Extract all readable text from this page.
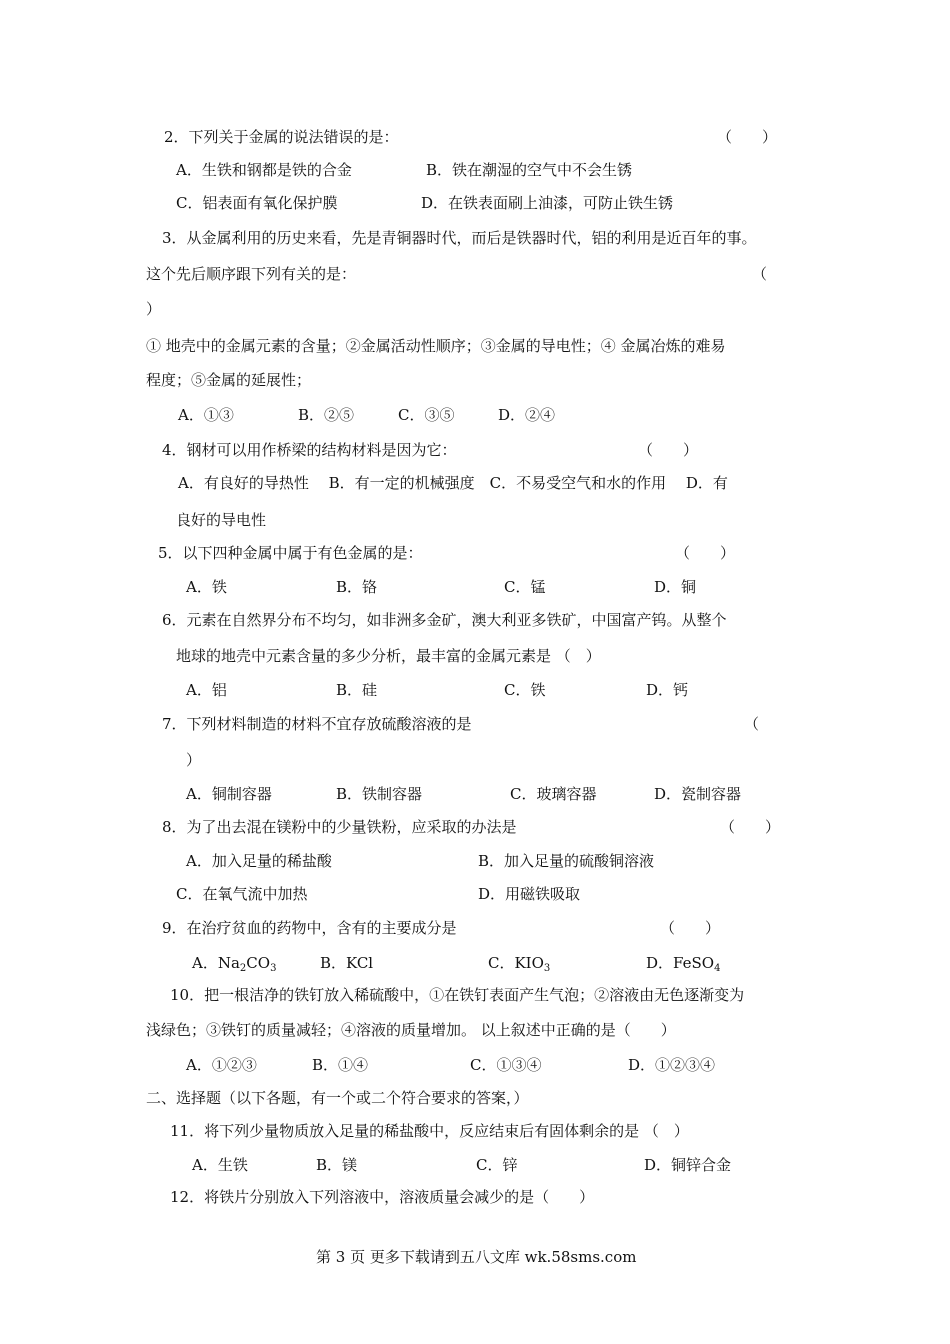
2．下列关于金属的说法错误的是：	（　　）
A．生铁和钢都是铁的合金	B．铁在潮湿的空气中不会生锈
C．铝表面有氧化保护膜	D．在铁表面刷上油漆，可防止铁生锈
3．从金属利用的历史来看，先是青铜器时代，而后是铁器时代，铝的利用是近百年的事。
这个先后顺序跟下列有关的是：	（
）
① 地壳中的金属元素的含量；②金属活动性顺序；③金属的导电性；④ 金属冶炼的难易
程度；⑤金属的延展性；
A．①③	B．②⑤	C．③⑤	D．②④
4．钢材可以用作桥梁的结构材料是因为它：	（　　）
A．有良好的导热性　 B．有一定的机械强度　C．不易受空气和水的作用　 D．有
良好的导电性
5．以下四种金属中属于有色金属的是：	（　　）
A．铁	B．铬	C．锰	D．铜
6．元素在自然界分布不均匀，如非洲多金矿，澳大利亚多铁矿，中国富产钨。从整个
地球的地壳中元素含量的多少分析，最丰富的金属元素是 （　）
A．铝	B．硅	C．铁	D．钙
7．下列材料制造的材料不宜存放硫酸溶液的是	（
）
A．铜制容器	B．铁制容器	C．玻璃容器	D．瓷制容器
8．为了出去混在镁粉中的少量铁粉，应采取的办法是	（　　）
A．加入足量的稀盐酸	B．加入足量的硫酸铜溶液
C．在氧气流中加热	D．用磁铁吸取
9．在治疗贫血的药物中，含有的主要成分是	（　　）
A．$Na_2CO_3$	B．KCl	C．$KIO_3$	D．FeSO$_4$
10．把一根洁净的铁钉放入稀硫酸中，①在铁钉表面产生气泡；②溶液由无色逐渐变为
浅绿色；③铁钉的质量减轻；④溶液的质量增加。 以上叙述中正确的是（　　）
A．①②③	B．①④	C．①③④	D．①②③④
二、选择题（以下各题，有一个或二个符合要求的答案，）
11．将下列少量物质放入足量的稀盐酸中，反应结束后有固体剩余的是 （　）
A．生铁	B．镁	C．锌	D．铜锌合金
12．将铁片分别放入下列溶液中，溶液质量会减少的是（　　）
第 3 页 更多下载请到五八文库 wk.58sms.com
